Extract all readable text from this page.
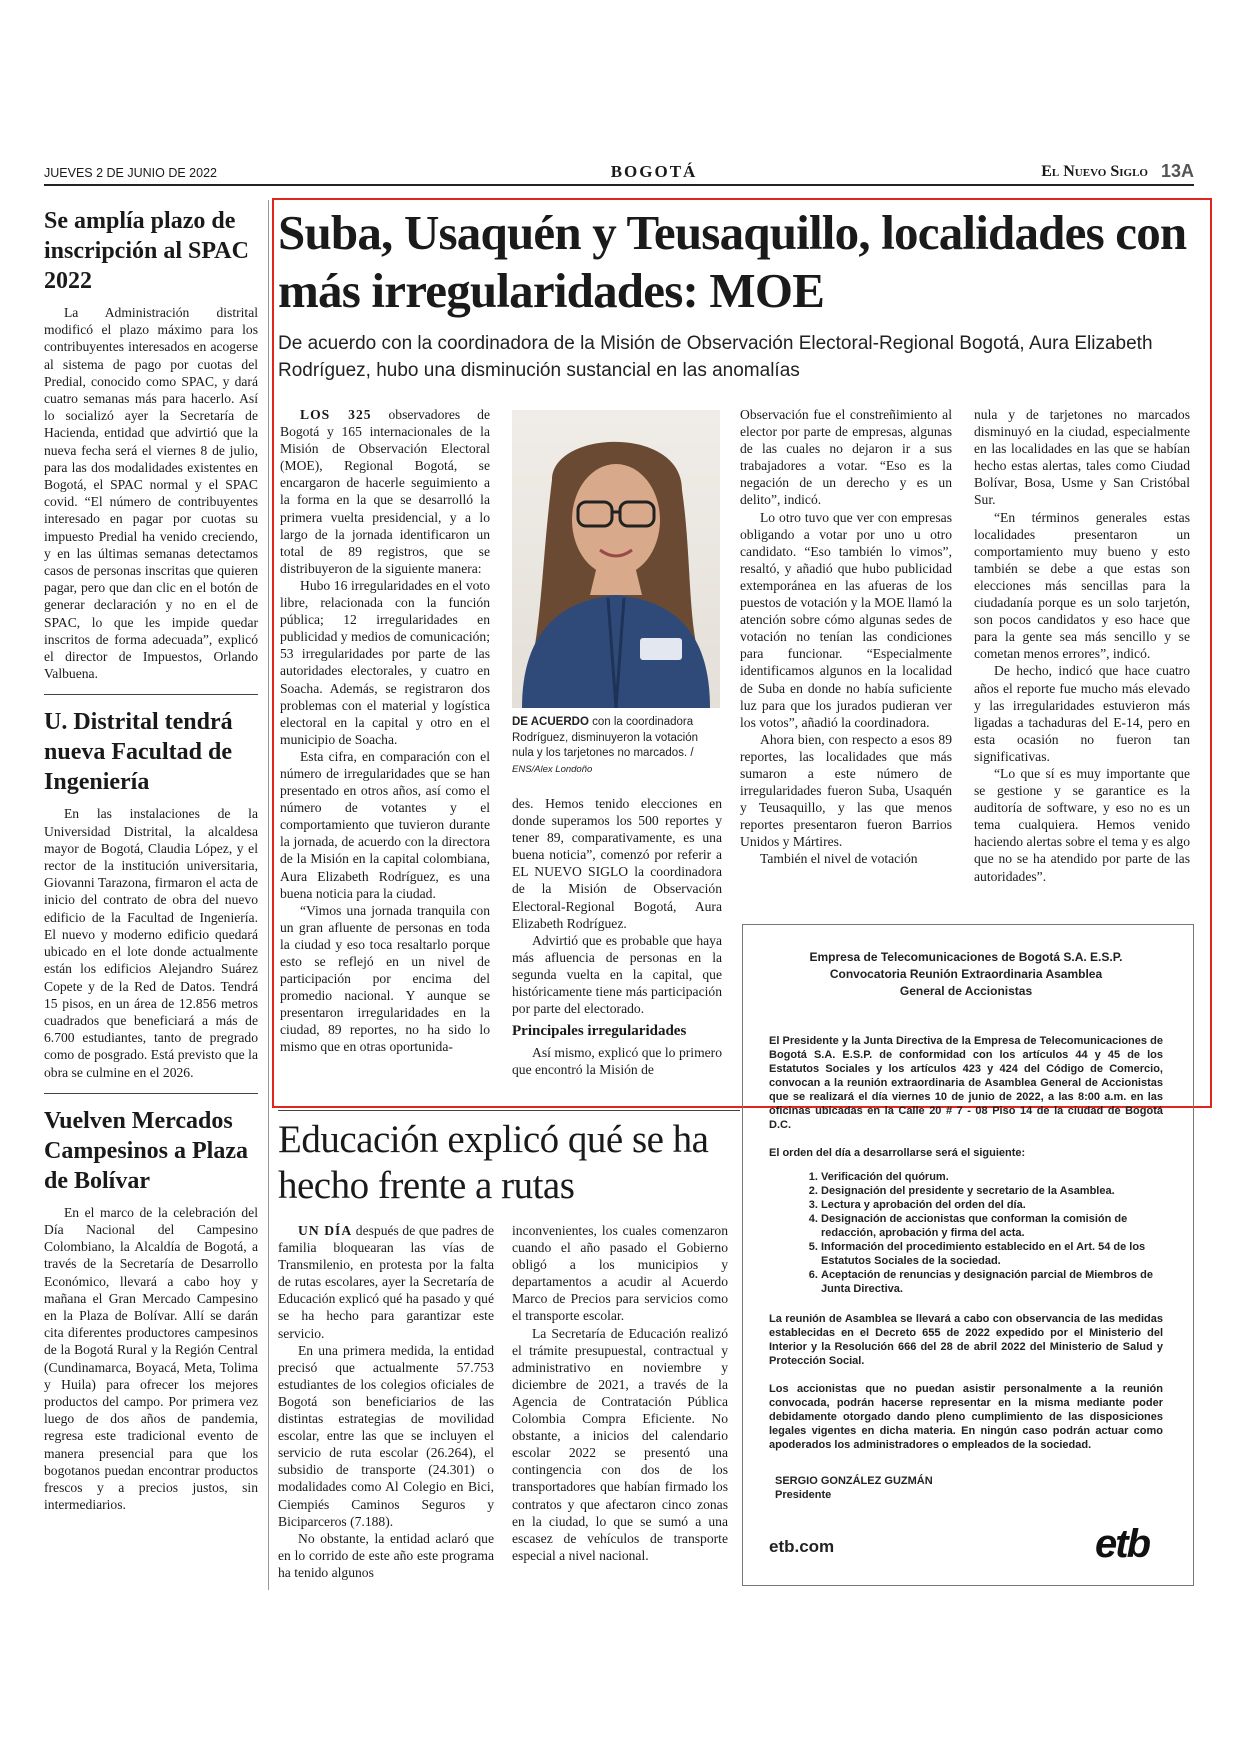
JUEVES 2 DE JUNIO DE 2022	BOGOTÁ	El Nuevo Siglo 13A
Se amplía plazo de inscripción al SPAC 2022

La Administración distrital modificó el plazo máximo para los contribuyentes interesados en acogerse al sistema de pago por cuotas del Predial, conocido como SPAC, y dará cuatro semanas más para hacerlo. Así lo socializó ayer la Secretaría de Hacienda, entidad que advirtió que la nueva fecha será el viernes 8 de julio, para las dos modalidades existentes en Bogotá, el SPAC normal y el SPAC covid. “El número de contribuyentes interesado en pagar por cuotas su impuesto Predial ha venido creciendo, y en las últimas semanas detectamos casos de personas inscritas que quieren pagar, pero que dan clic en el botón de generar declaración y no en el de SPAC, lo que les impide quedar inscritos de forma adecuada”, explicó el director de Impuestos, Orlando Valbuena.

U. Distrital tendrá nueva Facultad de Ingeniería

En las instalaciones de la Universidad Distrital, la alcaldesa mayor de Bogotá, Claudia López, y el rector de la institución universitaria, Giovanni Tarazona, firmaron el acta de inicio del contrato de obra del nuevo edificio de la Facultad de Ingeniería. El nuevo y moderno edificio quedará ubicado en el lote donde actualmente están los edificios Alejandro Suárez Copete y de la Red de Datos. Tendrá 15 pisos, en un área de 12.856 metros cuadrados que beneficiará a más de 6.700 estudiantes, tanto de pregrado como de posgrado. Está previsto que la obra se culmine en el 2026.

Vuelven Mercados Campesinos a Plaza de Bolívar

En el marco de la celebración del Día Nacional del Campesino Colombiano, la Alcaldía de Bogotá, a través de la Secretaría de Desarrollo Económico, llevará a cabo hoy y mañana el Gran Mercado Campesino en la Plaza de Bolívar. Allí se darán cita diferentes productores campesinos de la Bogotá Rural y la Región Central (Cundinamarca, Boyacá, Meta, Tolima y Huila) para ofrecer los mejores productos del campo. Por primera vez luego de dos años de pandemia, regresa este tradicional evento de manera presencial para que los bogotanos puedan encontrar productos frescos y a precios justos, sin intermediarios.

Suba, Usaquén y Teusaquillo, localidades con más irregularidades: MOE

De acuerdo con la coordinadora de la Misión de Observación Electoral-Regional Bogotá, Aura Elizabeth Rodríguez, hubo una disminución sustancial en las anomalías

LOS 325 observadores de Bogotá y 165 internacionales de la Misión de Observación Electoral (MOE), Regional Bogotá, se encargaron de hacerle seguimiento a la forma en la que se desarrolló la primera vuelta presidencial, y a lo largo de la jornada identificaron un total de 89 registros, que se distribuyeron de la siguiente manera:

Hubo 16 irregularidades en el voto libre, relacionada con la función pública; 12 irregularidades en publicidad y medios de comunicación; 53 irregularidades por parte de las autoridades electorales, y cuatro en Soacha. Además, se registraron dos problemas con el material y logística electoral en la capital y otro en el municipio de Soacha.

Esta cifra, en comparación con el número de irregularidades que se han presentado en otros años, así como el número de votantes y el comportamiento que tuvieron durante la jornada, de acuerdo con la directora de la Misión en la capital colombiana, Aura Elizabeth Rodríguez, es una buena noticia para la ciudad.

“Vimos una jornada tranquila con un gran afluente de personas en toda la ciudad y eso toca resaltarlo porque esto se reflejó en un nivel de participación por encima del promedio nacional. Y aunque se presentaron irregularidades en la ciudad, 89 reportes, no ha sido lo mismo que en otras oportunida-

DE ACUERDO con la coordinadora Rodríguez, disminuyeron la votación nula y los tarjetones no marcados. / ENS/Alex Londoño

des. Hemos tenido elecciones en donde superamos los 500 reportes y tener 89, comparativamente, es una buena noticia”, comenzó por referir a EL NUEVO SIGLO la coordinadora de la Misión de Observación Electoral-Regional Bogotá, Aura Elizabeth Rodríguez.

Advirtió que es probable que haya más afluencia de personas en la segunda vuelta en la capital, que históricamente tiene más participación por parte del electorado.

Principales irregularidades

Así mismo, explicó que lo primero que encontró la Misión de

Observación fue el constreñimiento al elector por parte de empresas, algunas de las cuales no dejaron ir a sus trabajadores a votar. “Eso es la negación de un derecho y es un delito”, indicó.

Lo otro tuvo que ver con empresas obligando a votar por uno u otro candidato. “Eso también lo vimos”, resaltó, y añadió que hubo publicidad extemporánea en las afueras de los puestos de votación y la MOE llamó la atención sobre cómo algunas sedes de votación no tenían las condiciones para funcionar. “Especialmente identificamos algunos en la localidad de Suba en donde no había suficiente luz para que los jurados pudieran ver los votos”, añadió la coordinadora.

Ahora bien, con respecto a esos 89 reportes, las localidades que más sumaron a este número de irregularidades fueron Suba, Usaquén y Teusaquillo, y las que menos reportes presentaron fueron Barrios Unidos y Mártires.

También el nivel de votación

nula y de tarjetones no marcados disminuyó en la ciudad, especialmente en las localidades en las que se habían hecho estas alertas, tales como Ciudad Bolívar, Bosa, Usme y San Cristóbal Sur.

“En términos generales estas localidades presentaron un comportamiento muy bueno y esto también se debe a que estas son elecciones más sencillas para la ciudadanía porque es un solo tarjetón, son pocos candidatos y eso hace que para la gente sea más sencillo y se cometan menos errores”, indicó.

De hecho, indicó que hace cuatro años el reporte fue mucho más elevado y las irregularidades estuvieron más ligadas a tachaduras del E-14, pero en esta ocasión no fueron tan significativas.

“Lo que sí es muy importante que se gestione y se garantice es la auditoría de software, y eso no es un tema cualquiera. Hemos venido haciendo alertas sobre el tema y es algo que no se ha atendido por parte de las autoridades”.

Educación explicó qué se ha hecho frente a rutas

UN DÍA después de que padres de familia bloquearan las vías de Transmilenio, en protesta por la falta de rutas escolares, ayer la Secretaría de Educación explicó qué ha pasado y qué se ha hecho para garantizar este servicio.

En una primera medida, la entidad precisó que actualmente 57.753 estudiantes de los colegios oficiales de Bogotá son beneficiarios de las distintas estrategias de movilidad escolar, entre las que se incluyen el servicio de ruta escolar (26.264), el subsidio de transporte (24.301) o modalidades como Al Colegio en Bici, Ciempiés Caminos Seguros y Biciparceros (7.188).

No obstante, la entidad aclaró que en lo corrido de este año este programa ha tenido algunos

inconvenientes, los cuales comenzaron cuando el año pasado el Gobierno obligó a los municipios y departamentos a acudir al Acuerdo Marco de Precios para servicios como el transporte escolar.

La Secretaría de Educación realizó el trámite presupuestal, contractual y administrativo en noviembre y diciembre de 2021, a través de la Agencia de Contratación Pública Colombia Compra Eficiente. No obstante, a inicios del calendario escolar 2022 se presentó una contingencia con dos de los transportadores que habían firmado los contratos y que afectaron cinco zonas en la ciudad, lo que se sumó a una escasez de vehículos de transporte especial a nivel nacional.

Empresa de Telecomunicaciones de Bogotá S.A. E.S.P.
Convocatoria Reunión Extraordinaria Asamblea
General de Accionistas

El Presidente y la Junta Directiva de la Empresa de Telecomunicaciones de Bogotá S.A. E.S.P. de conformidad con los artículos 44 y 45 de los Estatutos Sociales y los artículos 423 y 424 del Código de Comercio, convocan a la reunión extraordinaria de Asamblea General de Accionistas que se realizará el día viernes 10 de junio de 2022, a las 8:00 a.m. en las oficinas ubicadas en la Calle 20 # 7 - 08 Piso 14 de la ciudad de Bogotá D.C.

El orden del día a desarrollarse será el siguiente:

1. Verificación del quórum.
2. Designación del presidente y secretario de la Asamblea.
3. Lectura y aprobación del orden del día.
4. Designación de accionistas que conforman la comisión de redacción, aprobación y firma del acta.
5. Información del procedimiento establecido en el Art. 54 de los Estatutos Sociales de la sociedad.
6. Aceptación de renuncias y designación parcial de Miembros de Junta Directiva.

La reunión de Asamblea se llevará a cabo con observancia de las medidas establecidas en el Decreto 655 de 2022 expedido por el Ministerio del Interior y la Resolución 666 del 28 de abril 2022 del Ministerio de Salud y Protección Social.

Los accionistas que no puedan asistir personalmente a la reunión convocada, podrán hacerse representar en la misma mediante poder debidamente otorgado dando pleno cumplimiento de las disposiciones legales vigentes en dicha materia. En ningún caso podrán actuar como apoderados los administradores o empleados de la sociedad.

SERGIO GONZÁLEZ GUZMÁN
Presidente
etb.com	etb
